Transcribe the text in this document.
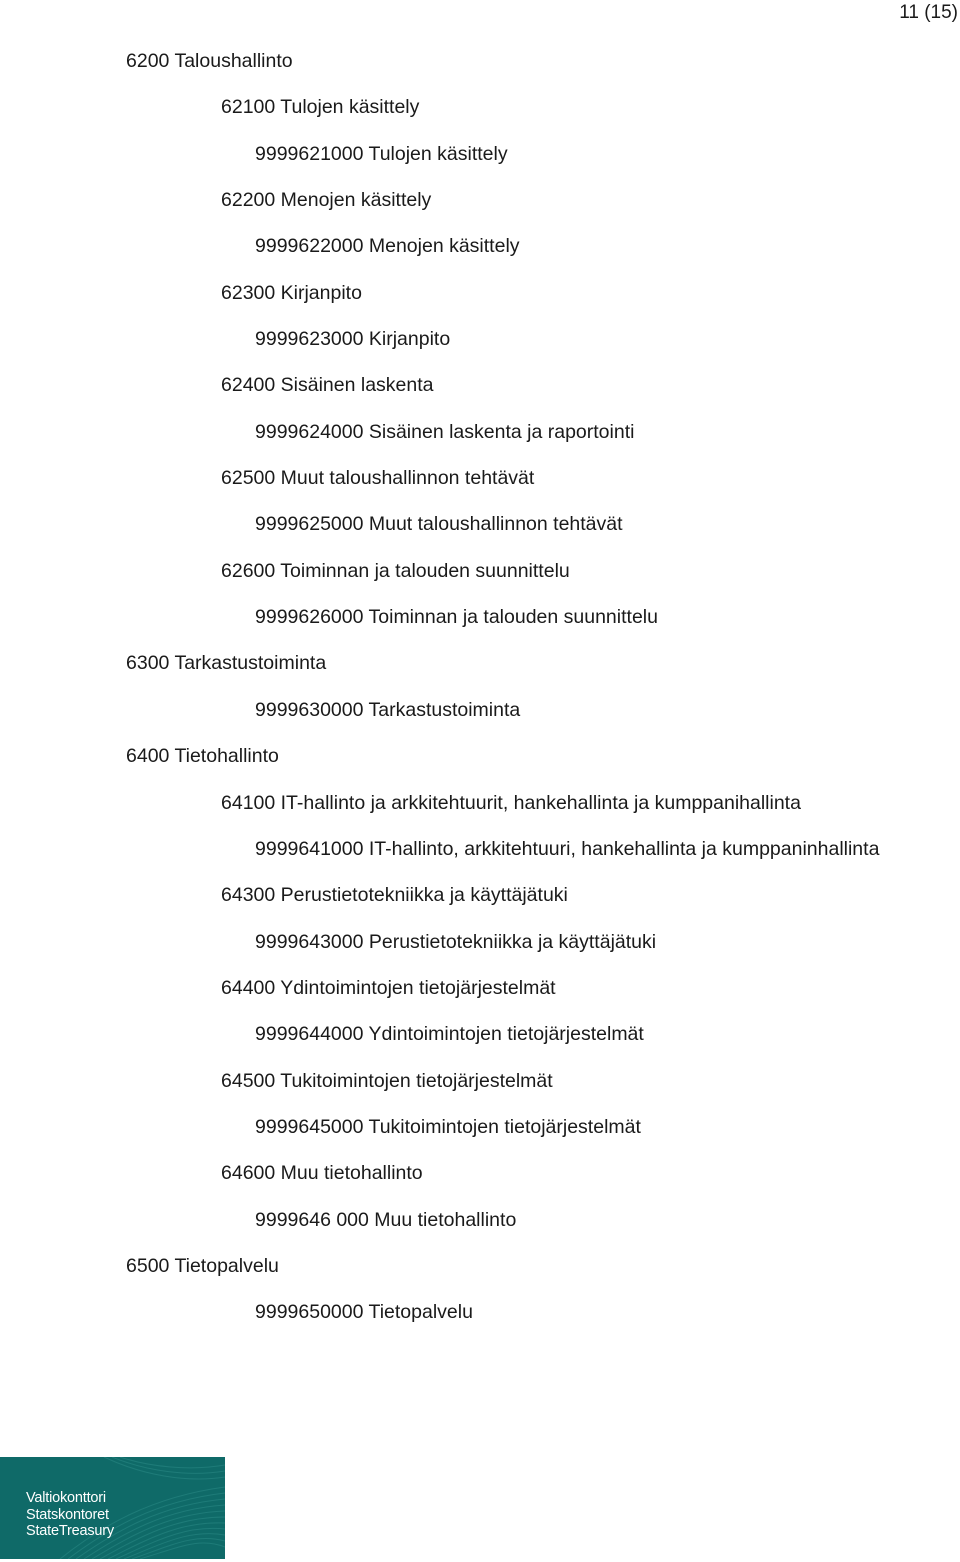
11 (15)
6200 Taloushallinto
62100 Tulojen käsittely
9999621000 Tulojen käsittely
62200 Menojen käsittely
9999622000 Menojen käsittely
62300 Kirjanpito
9999623000 Kirjanpito
62400 Sisäinen laskenta
9999624000 Sisäinen laskenta ja raportointi
62500 Muut taloushallinnon tehtävät
9999625000 Muut taloushallinnon tehtävät
62600 Toiminnan ja talouden suunnittelu
9999626000 Toiminnan ja talouden suunnittelu
6300 Tarkastustoiminta
9999630000 Tarkastustoiminta
6400 Tietohallinto
64100 IT-hallinto ja arkkitehtuurit, hankehallinta ja kumppanihallinta
9999641000 IT-hallinto, arkkitehtuuri, hankehallinta ja kumppaninhallinta
64300 Perustietotekniikka ja käyttäjätuki
9999643000 Perustietotekniikka ja käyttäjätuki
64400 Ydintoimintojen tietojärjestelmät
9999644000 Ydintoimintojen tietojärjestelmät
64500 Tukitoimintojen tietojärjestelmät
9999645000 Tukitoimintojen tietojärjestelmät
64600 Muu tietohallinto
9999646 000 Muu tietohallinto
6500 Tietopalvelu
9999650000 Tietopalvelu
Valtiokonttori
Statskontoret
StateTreasury
